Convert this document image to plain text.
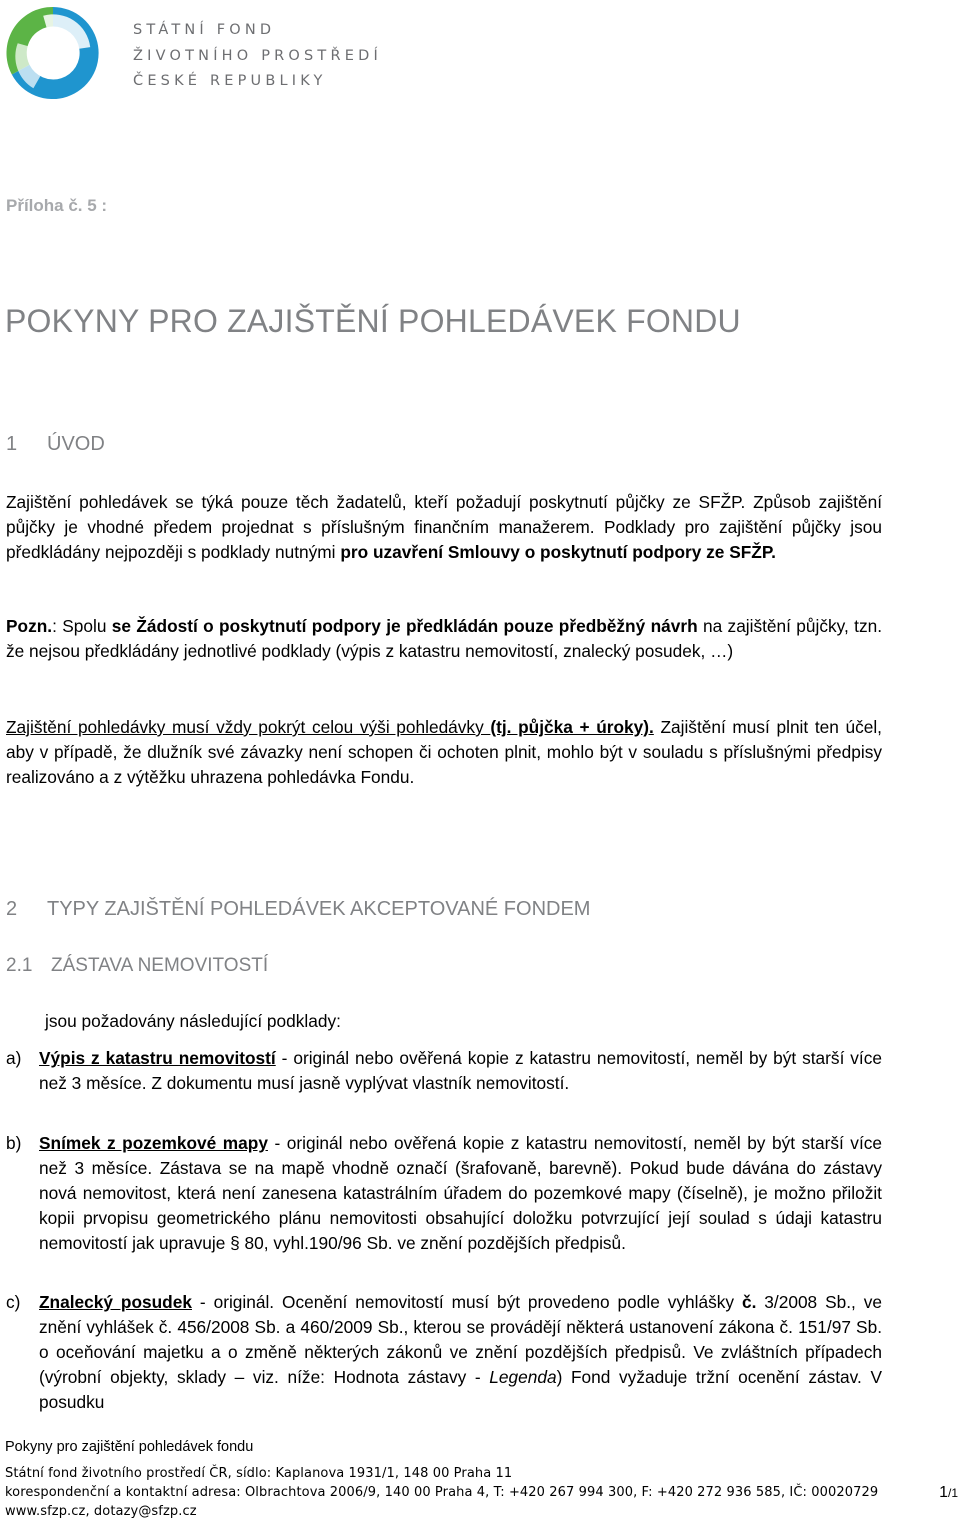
STÁTNÍ FOND
ŽIVOTNÍHO PROSTŘEDÍ
ČESKÉ REPUBLIKY
Příloha č. 5 :
POKYNY PRO ZAJIŠTĚNÍ POHLEDÁVEK FONDU
1 ÚVOD

Zajištění pohledávek se týká pouze těch žadatelů, kteří požadují poskytnutí půjčky ze SFŽP. Způsob zajištění půjčky je vhodné předem projednat s příslušným finančním manažerem. Podklady pro zajištění půjčky jsou předkládány nejpozději s podklady nutnými pro uzavření Smlouvy o poskytnutí podpory ze SFŽP.

Pozn.: Spolu se Žádostí o poskytnutí podpory je předkládán pouze předběžný návrh na zajištění půjčky, tzn. že nejsou předkládány jednotlivé podklady (výpis z katastru nemovitostí, znalecký posudek, …)

Zajištění pohledávky musí vždy pokrýt celou výši pohledávky (tj. půjčka + úroky). Zajištění musí plnit ten účel, aby v případě, že dlužník své závazky není schopen či ochoten plnit, mohlo být v souladu s příslušnými předpisy realizováno a z výtěžku uhrazena pohledávka Fondu.

2 TYPY ZAJIŠTĚNÍ POHLEDÁVEK AKCEPTOVANÉ FONDEM
2.1 ZÁSTAVA NEMOVITOSTÍ
jsou požadovány následující podklady:
a) Výpis z katastru nemovitostí - originál nebo ověřená kopie z katastru nemovitostí, neměl by být starší více než 3 měsíce. Z dokumentu musí jasně vyplývat vlastník nemovitostí.
b) Snímek z pozemkové mapy - originál nebo ověřená kopie z katastru nemovitostí, neměl by být starší více než 3 měsíce. Zástava se na mapě vhodně označí (šrafovaně, barevně). Pokud bude dávána do zástavy nová nemovitost, která není zanesena katastrálním úřadem do pozemkové mapy (číselně), je možno přiložit kopii prvopisu geometrického plánu nemovitosti obsahující doložku potvrzující její soulad s údaji katastru nemovitostí jak upravuje § 80, vyhl.190/96 Sb. ve znění pozdějších předpisů.
c) Znalecký posudek - originál. Ocenění nemovitostí musí být provedeno podle vyhlášky č. 3/2008 Sb., ve znění vyhlášek č. 456/2008 Sb. a 460/2009 Sb., kterou se provádějí některá ustanovení zákona č. 151/97 Sb. o oceňování majetku a o změně některých zákonů ve znění pozdějších předpisů. Ve zvláštních případech (výrobní objekty, sklady – viz. níže: Hodnota zástavy - Legenda) Fond vyžaduje tržní ocenění zástav. V posudku
Pokyny pro zajištění pohledávek fondu
Státní fond životního prostředí ČR, sídlo: Kaplanova 1931/1, 148 00 Praha 11
korespondenční a kontaktní adresa: Olbrachtova 2006/9, 140 00 Praha 4, T: +420 267 994 300, F: +420 272 936 585, IČ: 00020729
www.sfzp.cz, dotazy@sfzp.cz
1/1
